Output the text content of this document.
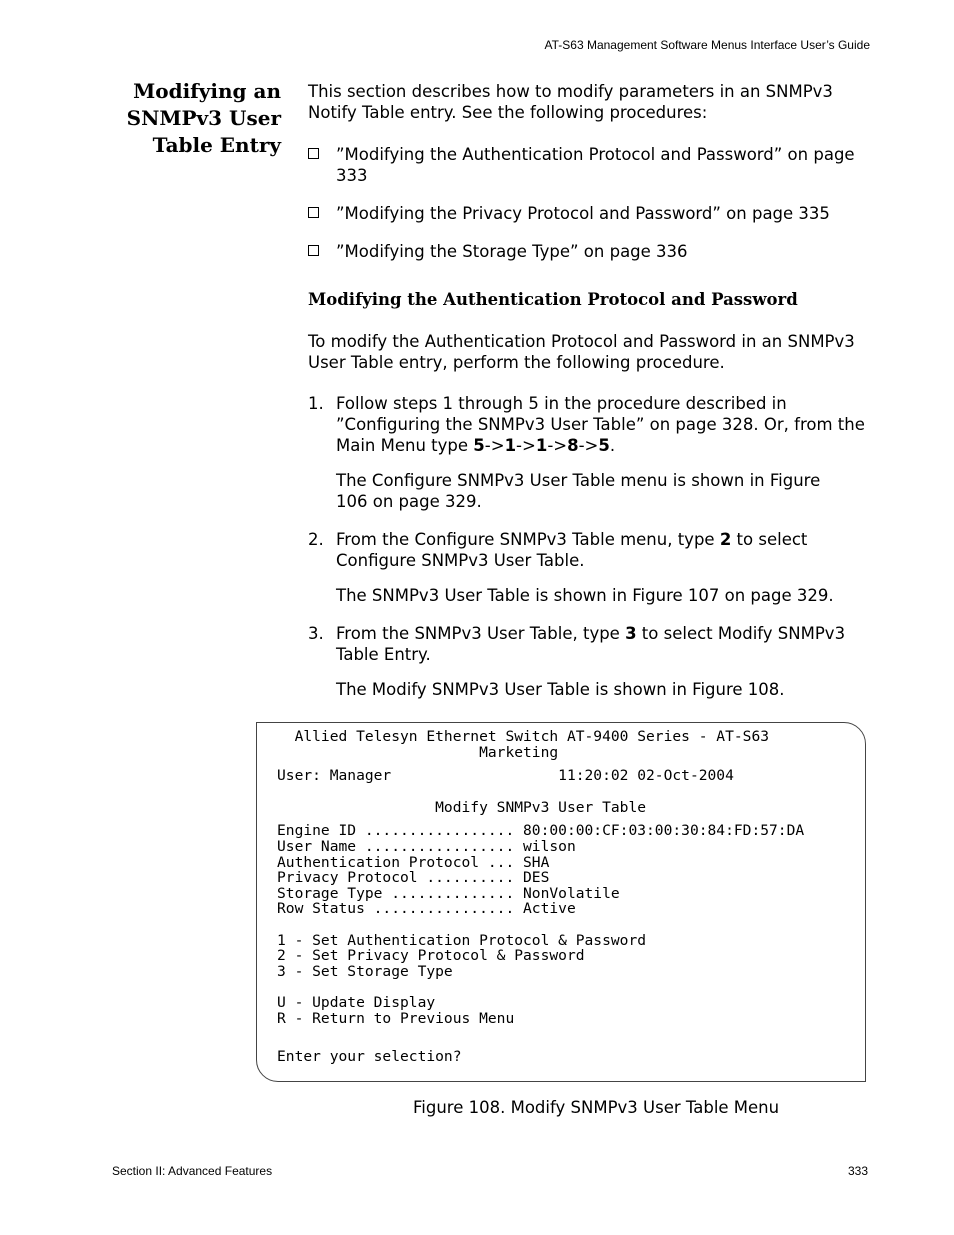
AT-S63 Management Software Menus Interface User’s Guide
Modifying an
SNMPv3 User
Table Entry
This section describes how to modify parameters in an SNMPv3 Notify Table entry. See the following procedures:
”Modifying the Authentication Protocol and Password” on page 333
”Modifying the Privacy Protocol and Password” on page 335
”Modifying the Storage Type” on page 336
Modifying the Authentication Protocol and Password
To modify the Authentication Protocol and Password in an SNMPv3 User Table entry, perform the following procedure.
1. Follow steps 1 through 5 in the procedure described in ”Configuring the SNMPv3 User Table” on page 328. Or, from the Main Menu type 5->1->1->8->5.
The Configure SNMPv3 User Table menu is shown in Figure 106 on page 329.
2. From the Configure SNMPv3 Table menu, type 2 to select Configure SNMPv3 User Table.
The SNMPv3 User Table is shown in Figure 107 on page 329.
3. From the SNMPv3 User Table, type 3 to select Modify SNMPv3 Table Entry.
The Modify SNMPv3 User Table is shown in Figure 108.
Allied Telesyn Ethernet Switch AT-9400 Series - AT-S63
Marketing
User: Manager                   11:20:02 02-Oct-2004
Modify SNMPv3 User Table
Engine ID ................. 80:00:00:CF:03:00:30:84:FD:57:DA
User Name ................. wilson
Authentication Protocol ... SHA
Privacy Protocol .......... DES
Storage Type .............. NonVolatile
Row Status ................ Active
1 - Set Authentication Protocol & Password
2 - Set Privacy Protocol & Password
3 - Set Storage Type
U - Update Display
R - Return to Previous Menu
Enter your selection?
Figure 108. Modify SNMPv3 User Table Menu
Section II: Advanced Features	333
